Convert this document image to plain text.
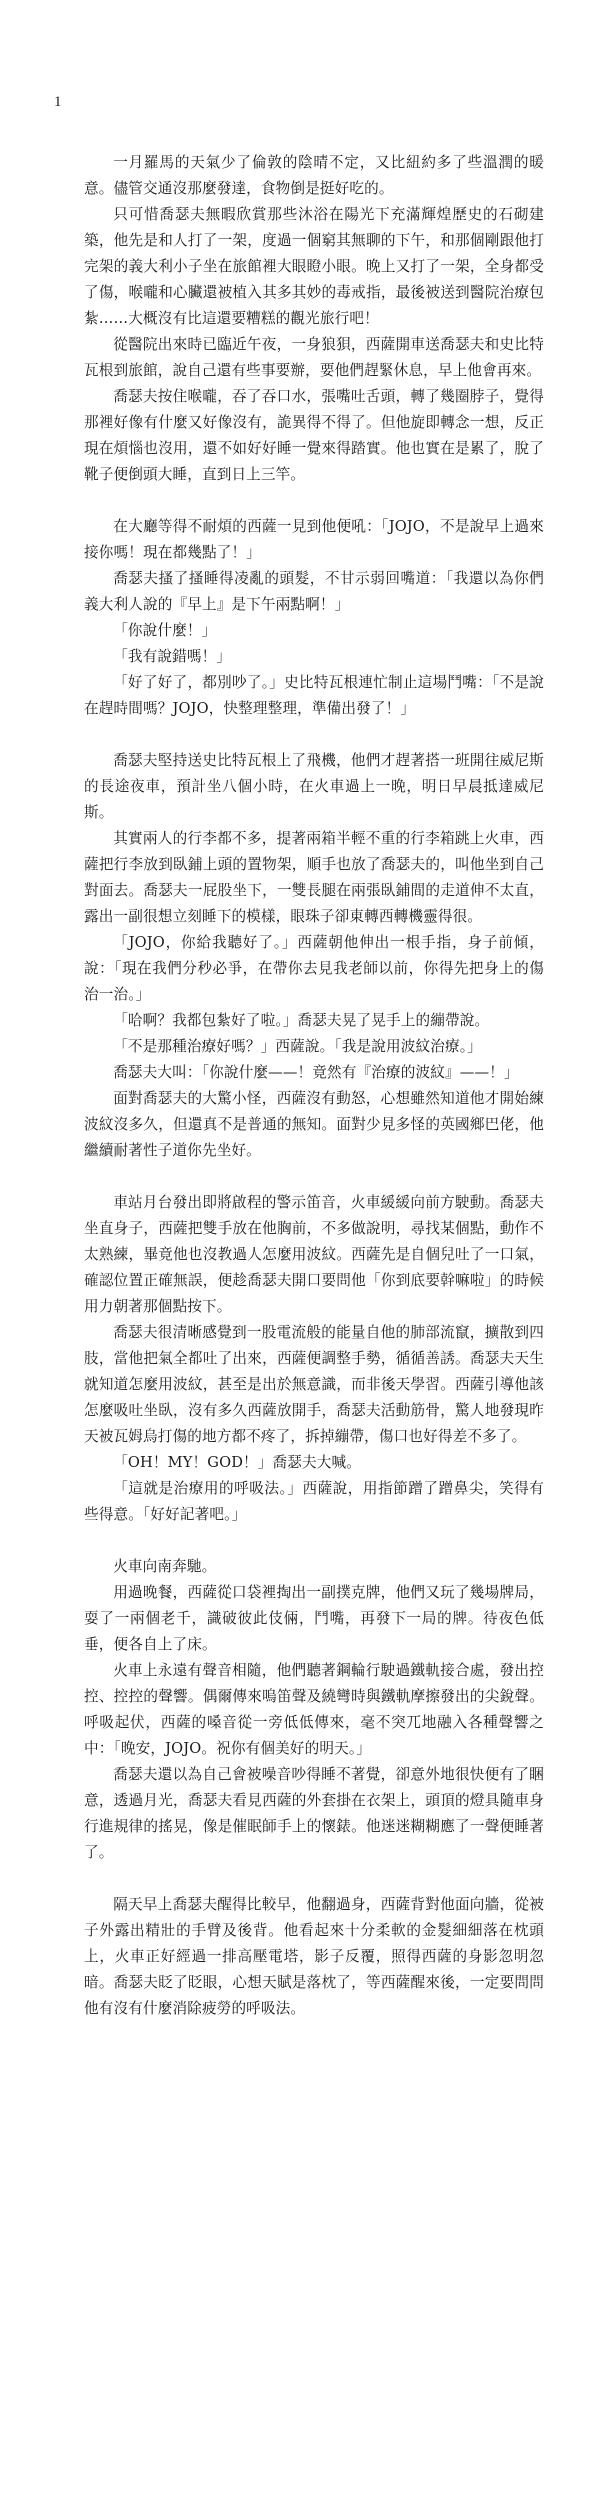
1

一月羅馬的天氣少了倫敦的陰晴不定，又比紐約多了些溫潤的暖意。儘管交通沒那麼發達，食物倒是挺好吃的。

只可惜喬瑟夫無暇欣賞那些沐浴在陽光下充滿輝煌歷史的石砌建築，他先是和人打了一架，度過一個窮其無聊的下午，和那個剛跟他打完架的義大利小子坐在旅館裡大眼瞪小眼。晚上又打了一架，全身都受了傷，喉嚨和心臟還被植入其多其妙的毒戒指，最後被送到醫院治療包紮……大概沒有比這還要糟糕的觀光旅行吧！

從醫院出來時已臨近午夜，一身狼狽，西薩開車送喬瑟夫和史比特瓦根到旅館，說自己還有些事要辦，要他們趕緊休息，早上他會再來。

喬瑟夫按住喉嚨，吞了吞口水，張嘴吐舌頭，轉了幾圈脖子，覺得那裡好像有什麼又好像沒有，詭異得不得了。但他旋即轉念一想，反正現在煩惱也沒用，還不如好好睡一覺來得踏實。他也實在是累了，脫了靴子便倒頭大睡，直到日上三竿。

在大廳等得不耐煩的西薩一見到他便吼：「JOJO，不是說早上過來接你嗎！現在都幾點了！」

喬瑟夫搔了搔睡得凌亂的頭髮，不甘示弱回嘴道：「我還以為你們義大利人說的『早上』是下午兩點啊！」

「你說什麼！」

「我有說錯嗎！」

「好了好了，都別吵了。」史比特瓦根連忙制止這場鬥嘴：「不是說在趕時間嗎？JOJO，快整理整理，準備出發了！」

喬瑟夫堅持送史比特瓦根上了飛機，他們才趕著搭一班開往威尼斯的長途夜車，預計坐八個小時，在火車過上一晚，明日早晨抵達威尼斯。

其實兩人的行李都不多，提著兩箱半輕不重的行李箱跳上火車，西薩把行李放到臥鋪上頭的置物架，順手也放了喬瑟夫的，叫他坐到自己對面去。喬瑟夫一屁股坐下，一雙長腿在兩張臥鋪間的走道伸不太直，露出一副很想立刻睡下的模樣，眼珠子卻東轉西轉機靈得很。

「JOJO，你給我聽好了。」西薩朝他伸出一根手指，身子前傾，說：「現在我們分秒必爭，在帶你去見我老師以前，你得先把身上的傷治一治。」

「哈啊？我都包紮好了啦。」喬瑟夫晃了晃手上的繃帶說。

「不是那種治療好嗎？」西薩說。「我是說用波紋治療。」

喬瑟夫大叫：「你說什麼——！竟然有『治療的波紋』——！」

面對喬瑟夫的大驚小怪，西薩沒有動怒，心想雖然知道他才開始練波紋沒多久，但還真不是普通的無知。面對少見多怪的英國鄉巴佬，他繼續耐著性子道你先坐好。

車站月台發出即將啟程的警示笛音，火車緩緩向前方駛動。喬瑟夫坐直身子，西薩把雙手放在他胸前，不多做說明，尋找某個點，動作不太熟練，畢竟他也沒教過人怎麼用波紋。西薩先是自個兒吐了一口氣，確認位置正確無誤，便趁喬瑟夫開口要問他「你到底要幹嘛啦」的時候用力朝著那個點按下。

喬瑟夫很清晰感覺到一股電流般的能量自他的肺部流竄，擴散到四肢，當他把氣全都吐了出來，西薩便調整手勢，循循善誘。喬瑟夫天生就知道怎麼用波紋，甚至是出於無意識，而非後天學習。西薩引導他該怎麼吸吐坐臥，沒有多久西薩放開手，喬瑟夫活動筋骨，驚人地發現昨天被瓦姆烏打傷的地方都不疼了，拆掉繃帶，傷口也好得差不多了。

「OH！MY！GOD！」喬瑟夫大喊。

「這就是治療用的呼吸法。」西薩說，用指節蹭了蹭鼻尖，笑得有些得意。「好好記著吧。」

火車向南奔馳。

用過晚餐，西薩從口袋裡掏出一副撲克牌，他們又玩了幾場牌局，耍了一兩個老千，識破彼此伎倆，鬥嘴，再發下一局的牌。待夜色低垂，便各自上了床。

火車上永遠有聲音相隨，他們聽著鋼輪行駛過鐵軌接合處，發出控控、控控的聲響。偶爾傳來嗚笛聲及繞彎時與鐵軌摩擦發出的尖銳聲。呼吸起伏，西薩的嗓音從一旁低低傳來，毫不突兀地融入各種聲響之中：「晚安，JOJO。祝你有個美好的明天。」

喬瑟夫還以為自己會被噪音吵得睡不著覺，卻意外地很快便有了睏意，透過月光，喬瑟夫看見西薩的外套掛在衣架上，頭頂的燈具隨車身行進規律的搖晃，像是催眠師手上的懷錶。他迷迷糊糊應了一聲便睡著了。

隔天早上喬瑟夫醒得比較早，他翻過身，西薩背對他面向牆，從被子外露出精壯的手臂及後背。他看起來十分柔軟的金髮細細落在枕頭上，火車正好經過一排高壓電塔，影子反覆，照得西薩的身影忽明忽暗。喬瑟夫眨了眨眼，心想天賦是落枕了，等西薩醒來後，一定要問問他有沒有什麼消除疲勞的呼吸法。
